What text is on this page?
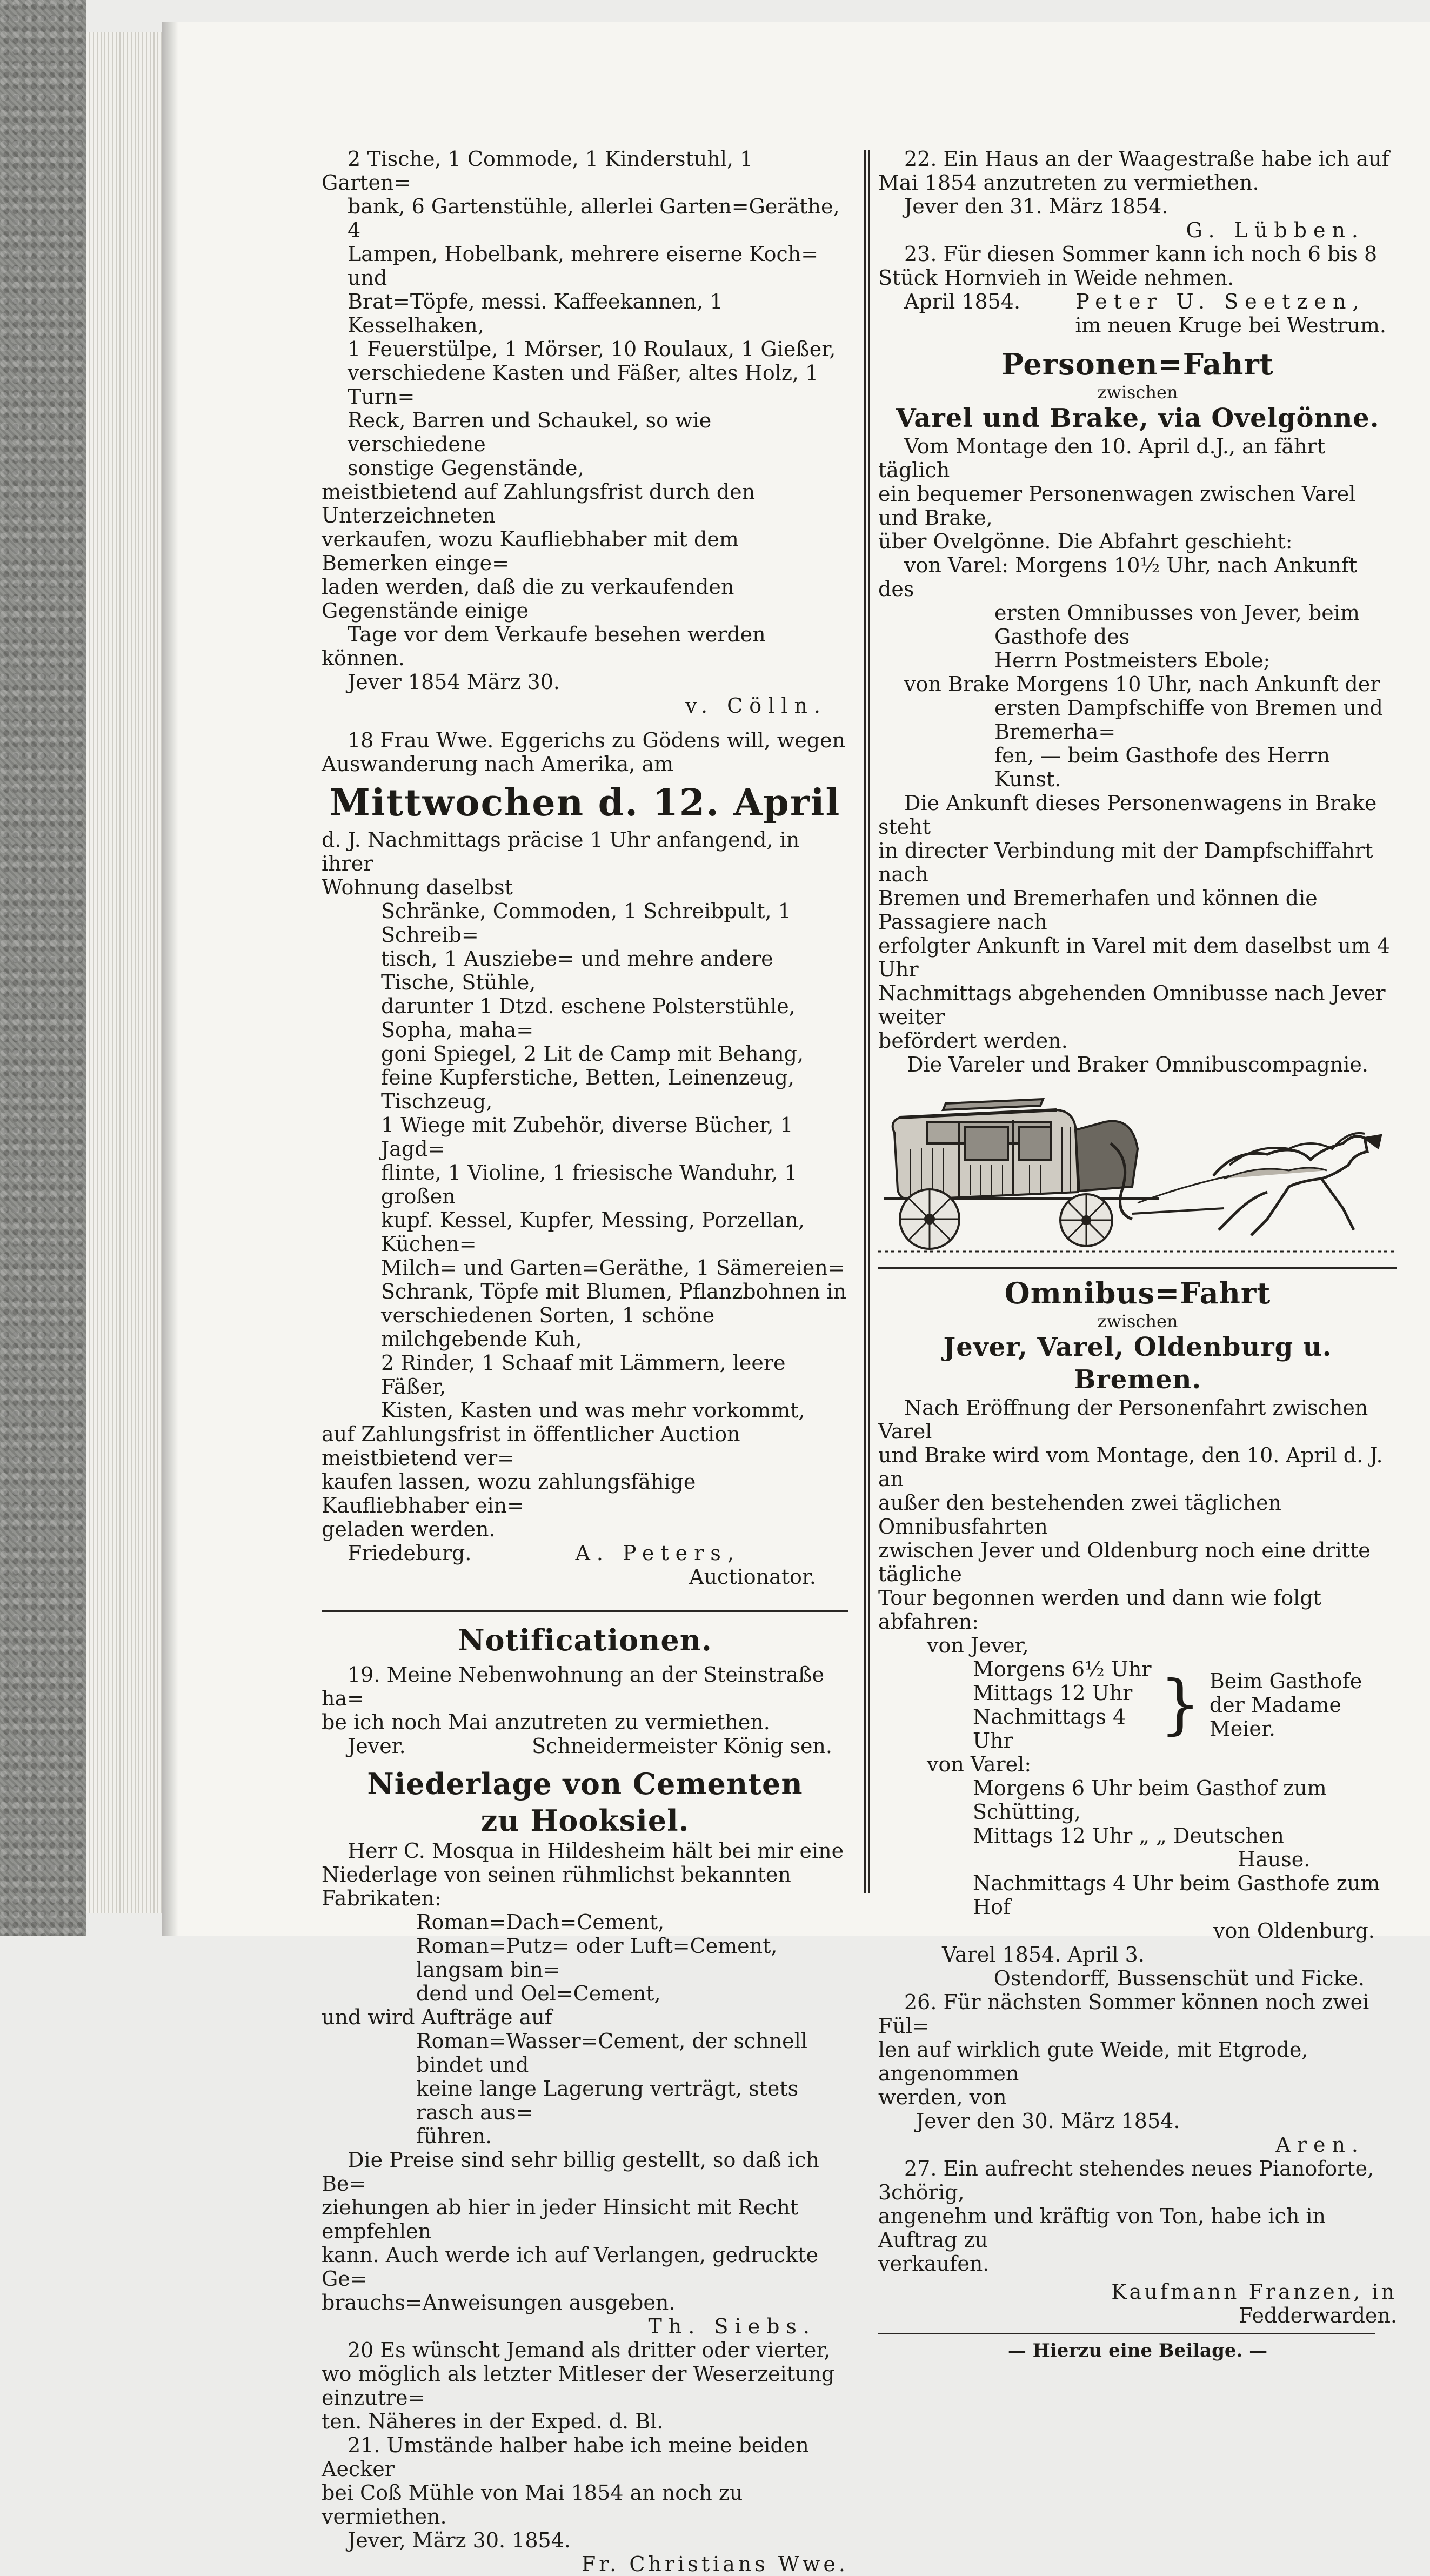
2 Tische, 1 Commode, 1 Kinderstuhl, 1 Garten=

bank, 6 Gartenstühle, allerlei Garten=Geräthe, 4

Lampen, Hobelbank, mehrere eiserne Koch= und

Brat=Töpfe, messi. Kaffeekannen, 1 Kesselhaken,

1 Feuerstülpe, 1 Mörser, 10 Roulaux, 1 Gießer,

verschiedene Kasten und Fäßer, altes Holz, 1 Turn=

Reck, Barren und Schaukel, so wie verschiedene

sonstige Gegenstände,

meistbietend auf Zahlungsfrist durch den Unterzeichneten

verkaufen, wozu Kaufliebhaber mit dem Bemerken einge=

laden werden, daß die zu verkaufenden Gegenstände einige

Tage vor dem Verkaufe besehen werden können.

Jever 1854 März 30.

v. Cölln.

18 Frau Wwe. Eggerichs zu Gödens will, wegen

Auswanderung nach Amerika, am

Mittwochen d. 12. April

d. J. Nachmittags präcise 1 Uhr anfangend, in ihrer

Wohnung daselbst

Schränke, Commoden, 1 Schreibpult, 1 Schreib=

tisch, 1 Ausziebe= und mehre andere Tische, Stühle,

darunter 1 Dtzd. eschene Polsterstühle, Sopha, maha=

goni Spiegel, 2 Lit de Camp mit Behang,

feine Kupferstiche, Betten, Leinenzeug, Tischzeug,

1 Wiege mit Zubehör, diverse Bücher, 1 Jagd=

flinte, 1 Violine, 1 friesische Wanduhr, 1 großen

kupf. Kessel, Kupfer, Messing, Porzellan, Küchen=

Milch= und Garten=Geräthe, 1 Sämereien=

Schrank, Töpfe mit Blumen, Pflanzbohnen in

verschiedenen Sorten, 1 schöne milchgebende Kuh,

2 Rinder, 1 Schaaf mit Lämmern, leere Fäßer,

Kisten, Kasten und was mehr vorkommt,

auf Zahlungsfrist in öffentlicher Auction meistbietend ver=

kaufen lassen, wozu zahlungsfähige Kaufliebhaber ein=

geladen werden.

Friedeburg.	A. Peters,

Auctionator.

Notificationen.

19. Meine Nebenwohnung an der Steinstraße ha=

be ich noch Mai anzutreten zu vermiethen.

Jever.	Schneidermeister König sen.

Niederlage von Cementen

zu Hooksiel.

Herr C. Mosqua in Hildesheim hält bei mir eine

Niederlage von seinen rühmlichst bekannten Fabrikaten:

Roman=Dach=Cement,

Roman=Putz= oder Luft=Cement, langsam bin=

dend und Oel=Cement,

und wird Aufträge auf

Roman=Wasser=Cement, der schnell bindet und

keine lange Lagerung verträgt, stets rasch aus=

führen.

Die Preise sind sehr billig gestellt, so daß ich Be=

ziehungen ab hier in jeder Hinsicht mit Recht empfehlen

kann. Auch werde ich auf Verlangen, gedruckte Ge=

brauchs=Anweisungen ausgeben.

Th. Siebs.

20 Es wünscht Jemand als dritter oder vierter,

wo möglich als letzter Mitleser der Weserzeitung einzutre=

ten. Näheres in der Exped. d. Bl.

21. Umstände halber habe ich meine beiden Aecker

bei Coß Mühle von Mai 1854 an noch zu vermiethen.

Jever, März 30. 1854.

Fr. Christians Wwe.

22. Ein Haus an der Waagestraße habe ich auf

Mai 1854 anzutreten zu vermiethen.

Jever den 31. März 1854.

G. Lübben.

23. Für diesen Sommer kann ich noch 6 bis 8

Stück Hornvieh in Weide nehmen.

April 1854.	Peter U. Seetzen,

im neuen Kruge bei Westrum.

Personen=Fahrt

zwischen

Varel und Brake, via Ovelgönne.

Vom Montage den 10. April d.J., an fährt täglich

ein bequemer Personenwagen zwischen Varel und Brake,

über Ovelgönne. Die Abfahrt geschieht:

von Varel: Morgens 10½ Uhr, nach Ankunft des

ersten Omnibusses von Jever, beim Gasthofe des

Herrn Postmeisters Ebole;

von Brake Morgens 10 Uhr, nach Ankunft der

ersten Dampfschiffe von Bremen und Bremerha=

fen, — beim Gasthofe des Herrn Kunst.

Die Ankunft dieses Personenwagens in Brake steht

in directer Verbindung mit der Dampfschiffahrt nach

Bremen und Bremerhafen und können die Passagiere nach

erfolgter Ankunft in Varel mit dem daselbst um 4 Uhr

Nachmittags abgehenden Omnibusse nach Jever weiter

befördert werden.

Die Vareler und Braker Omnibuscompagnie.

Omnibus=Fahrt

zwischen

Jever, Varel, Oldenburg u. Bremen.

Nach Eröffnung der Personenfahrt zwischen Varel

und Brake wird vom Montage, den 10. April d. J. an

außer den bestehenden zwei täglichen Omnibusfahrten

zwischen Jever und Oldenburg noch eine dritte tägliche

Tour begonnen werden und dann wie folgt abfahren:

von Jever,

Morgens 6½ Uhr

Mittags 12 Uhr

Nachmittags 4 Uhr	} Beim Gasthofe

der Madame Meier.

von Varel:

Morgens 6 Uhr beim Gasthof zum Schütting,

Mittags 12 Uhr „ „ Deutschen

Hause.

Nachmittags 4 Uhr beim Gasthofe zum Hof

von Oldenburg.

Varel 1854. April 3.

Ostendorff, Bussenschüt und Ficke.

26. Für nächsten Sommer können noch zwei Fül=

len auf wirklich gute Weide, mit Etgrode, angenommen

werden, von

Jever den 30. März 1854.

Aren.

27. Ein aufrecht stehendes neues Pianoforte, 3chörig,

angenehm und kräftig von Ton, habe ich in Auftrag zu

verkaufen.

Kaufmann Franzen, in

Fedderwarden.

— Hierzu eine Beilage. —
